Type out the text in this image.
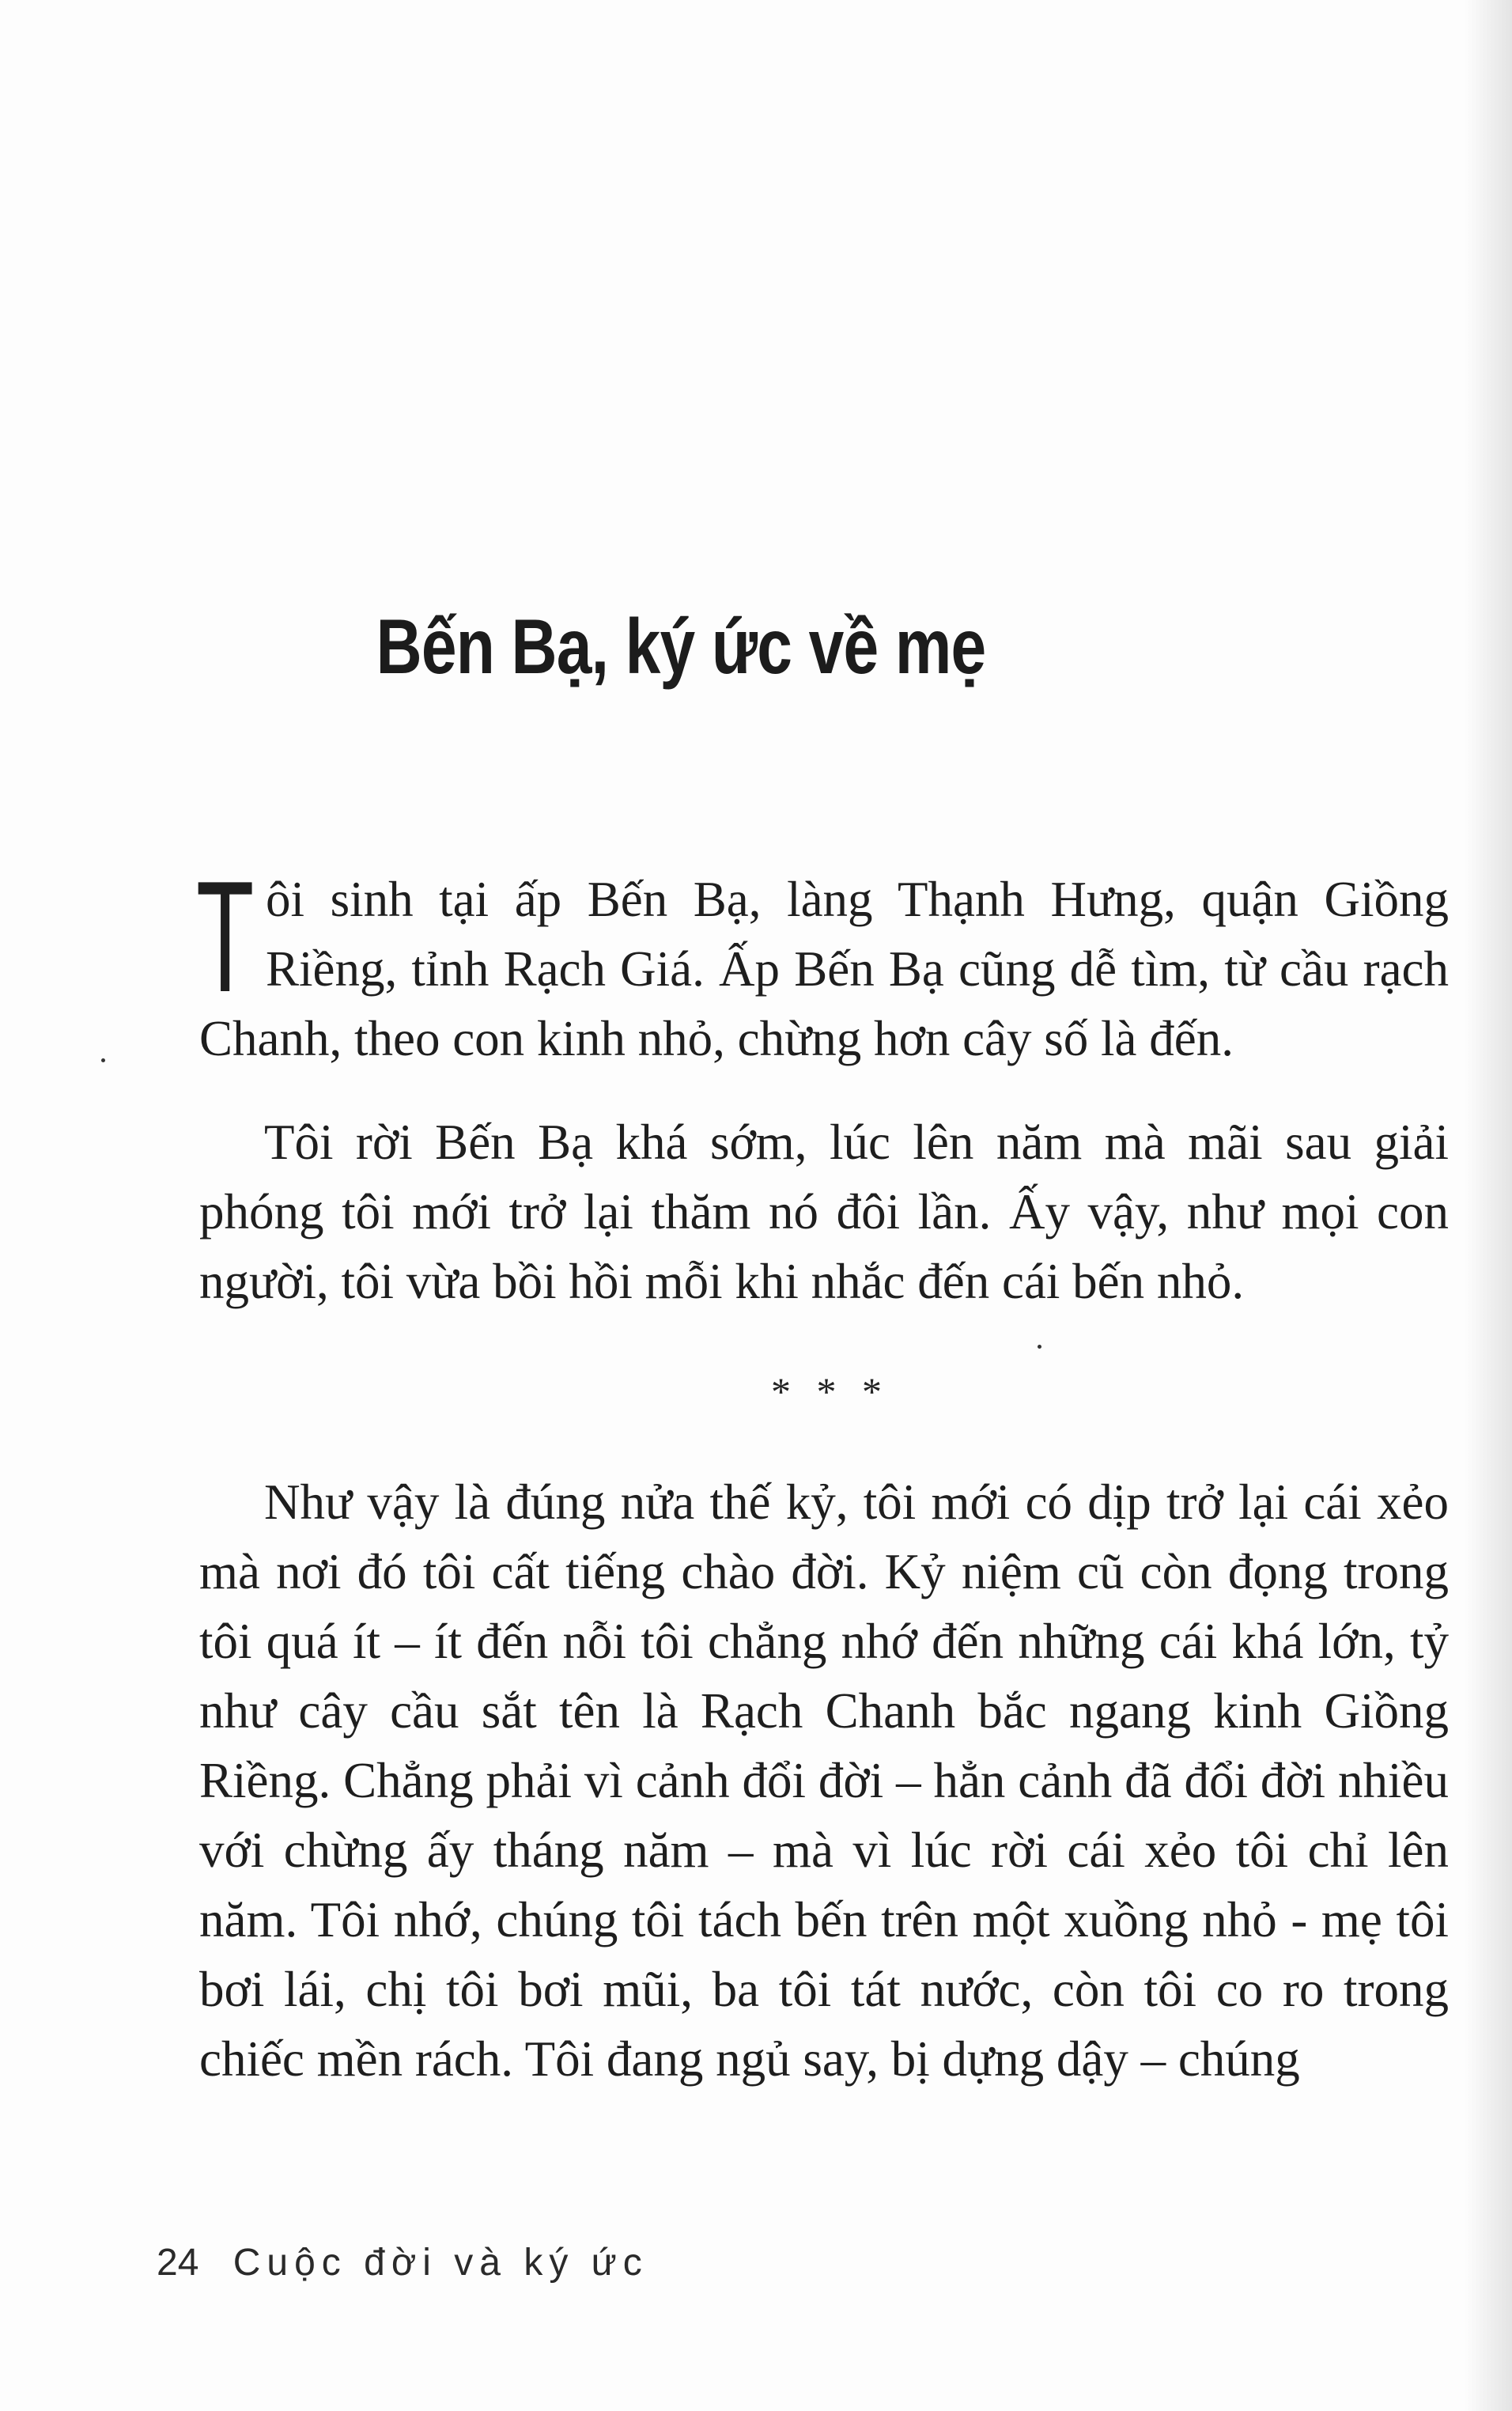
Bến Bạ, ký ức về mẹ

T ôi sinh tại ấp Bến Bạ, làng Thạnh Hưng, quận Giồng Riềng, tỉnh Rạch Giá. Ấp Bến Bạ cũng dễ tìm, từ cầu rạch Chanh, theo con kinh nhỏ, chừng hơn cây số là đến.

Tôi rời Bến Bạ khá sớm, lúc lên năm mà mãi sau giải phóng tôi mới trở lại thăm nó đôi lần. Ấy vậy, như mọi con người, tôi vừa bồi hồi mỗi khi nhắc đến cái bến nhỏ.

* * *

Như vậy là đúng nửa thế kỷ, tôi mới có dịp trở lại cái xẻo mà nơi đó tôi cất tiếng chào đời. Kỷ niệm cũ còn đọng trong tôi quá ít – ít đến nỗi tôi chẳng nhớ đến những cái khá lớn, tỷ như cây cầu sắt tên là Rạch Chanh bắc ngang kinh Giồng Riềng. Chẳng phải vì cảnh đổi đời – hẳn cảnh đã đổi đời nhiều với chừng ấy tháng năm – mà vì lúc rời cái xẻo tôi chỉ lên năm. Tôi nhớ, chúng tôi tách bến trên một xuồng nhỏ - mẹ tôi bơi lái, chị tôi bơi mũi, ba tôi tát nước, còn tôi co ro trong chiếc mền rách. Tôi đang ngủ say, bị dựng dậy – chúng

24 Cuộc đời và ký ức
